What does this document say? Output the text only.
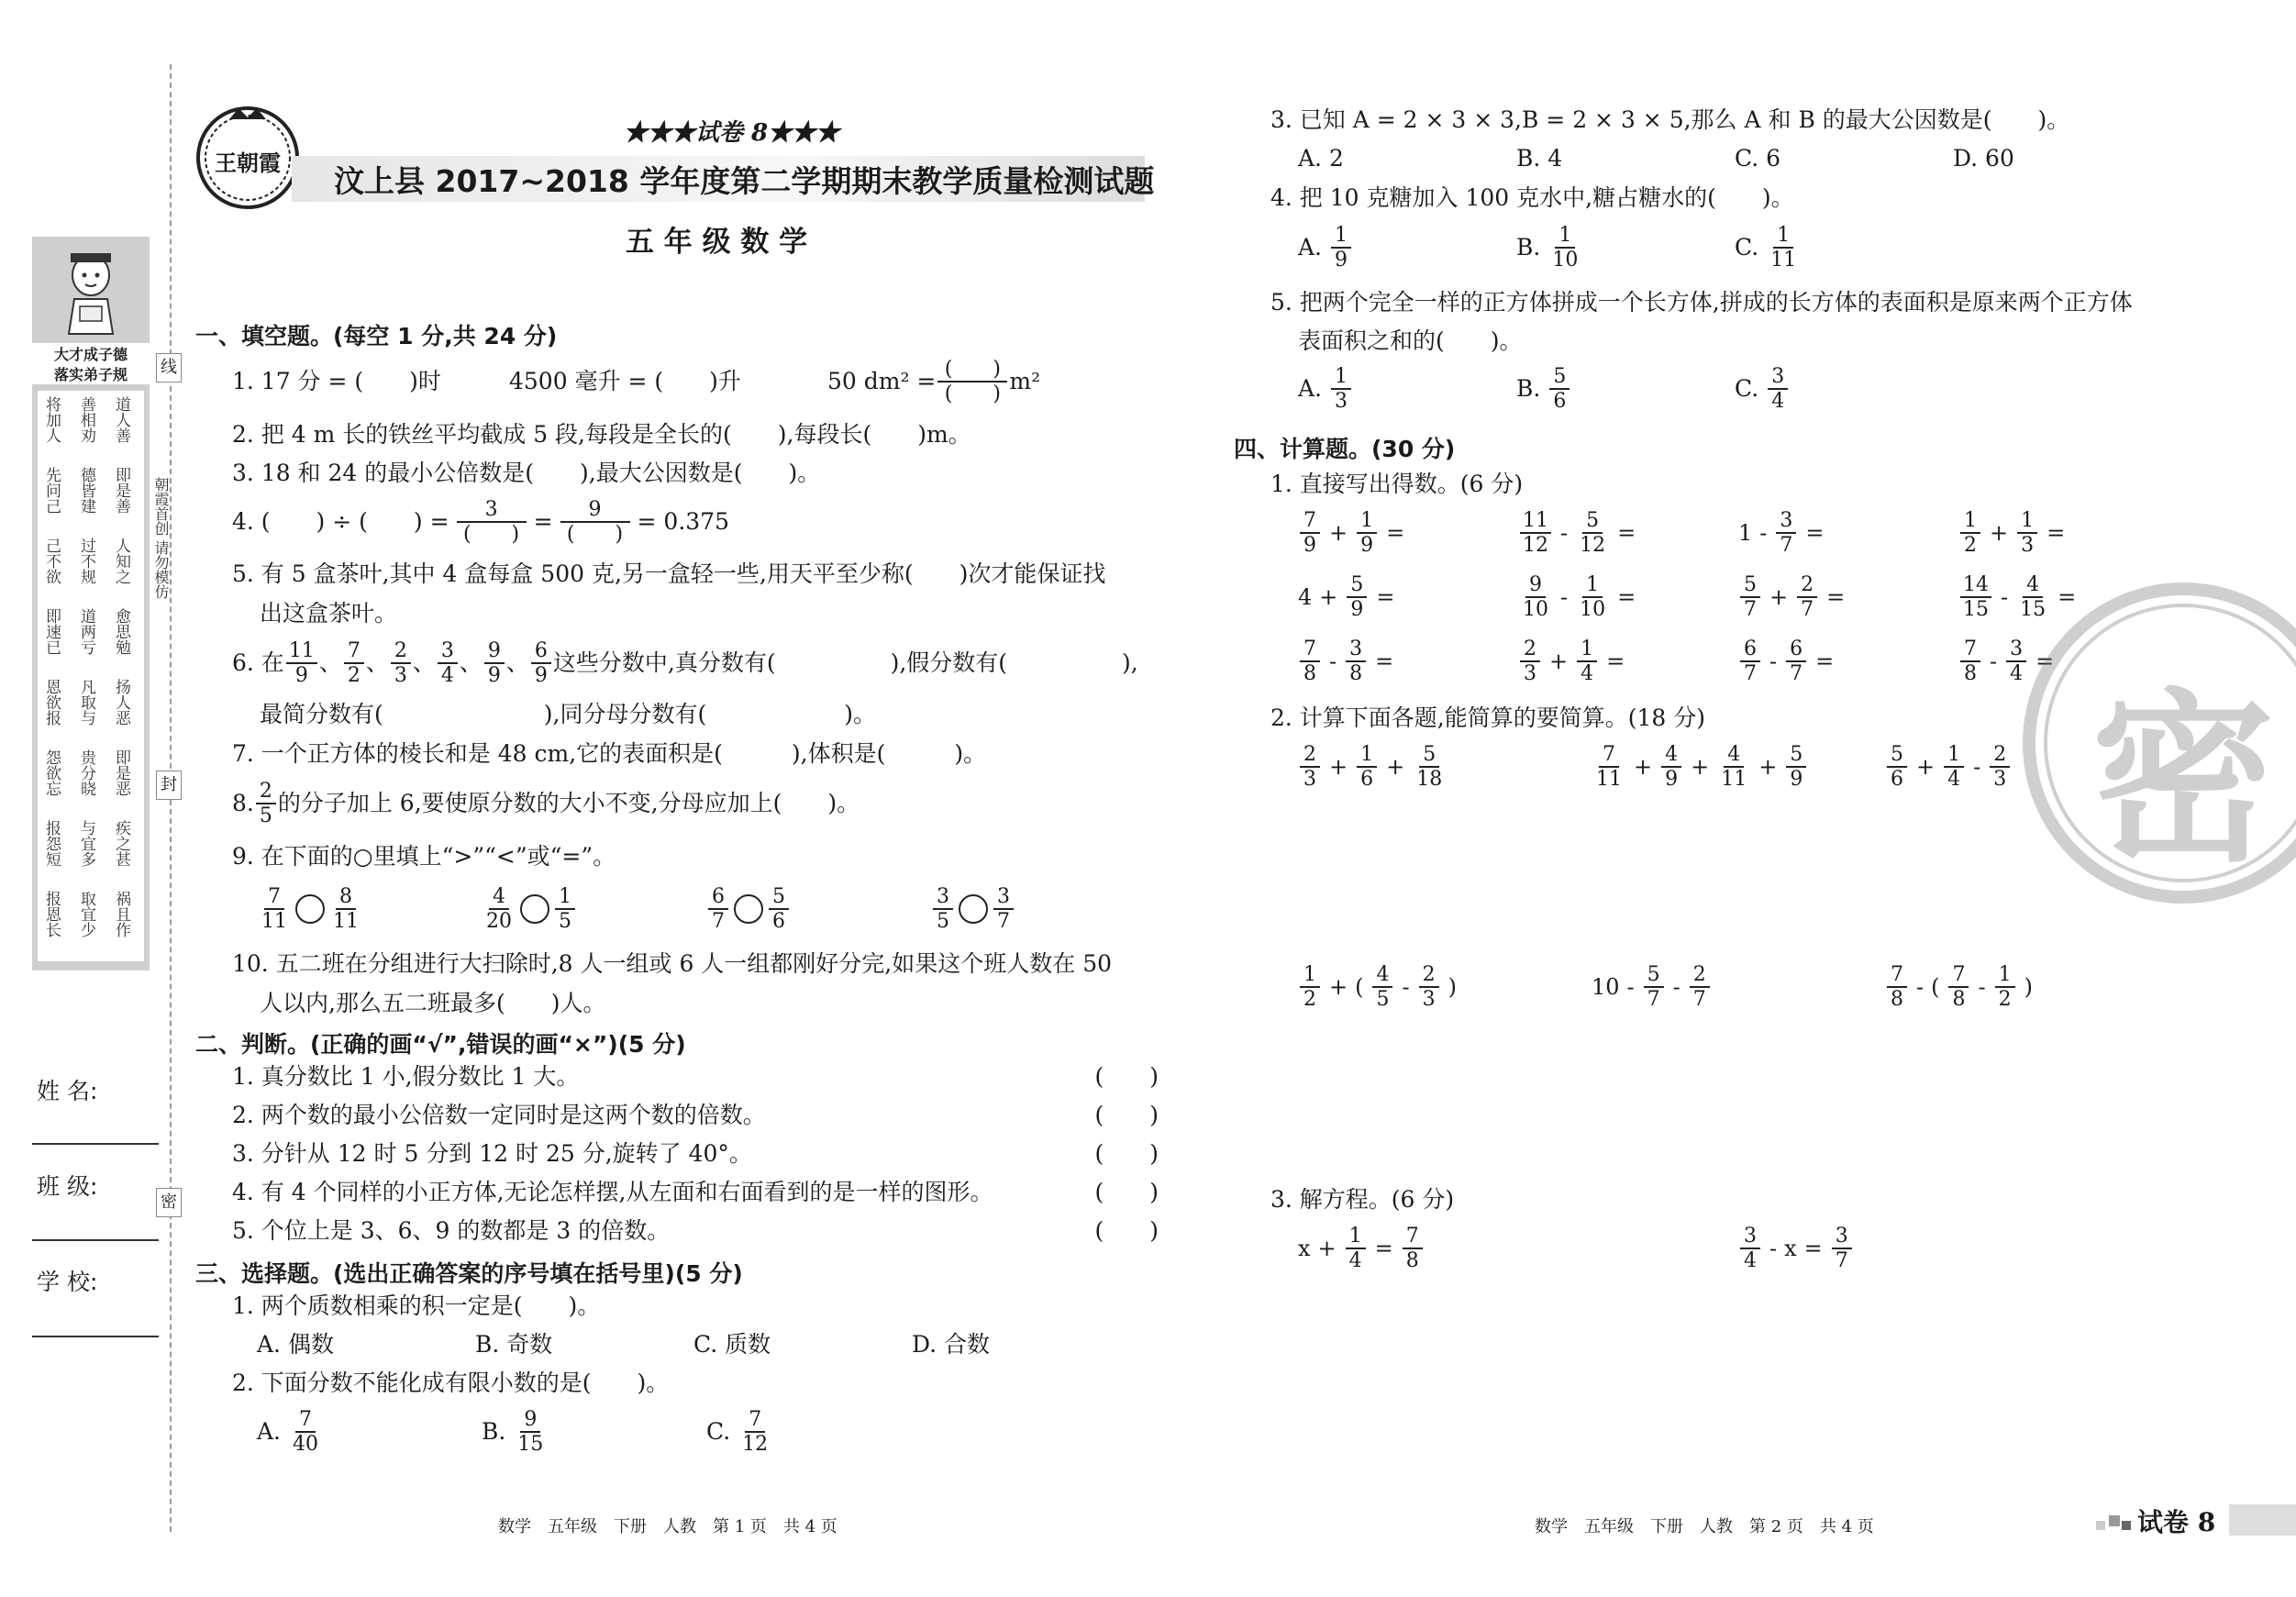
线
封
密
朝霞首创 请勿模仿
大才成子德
落实弟子规
将加人 善相劝 道人善
先问己 德皆建 即是善
己不欲 过不规 人知之
即速已 道两亏 愈思勉
恩欲报 凡取与 扬人恶
怨欲忘 贵分晓 即是恶
报怨短 与宜多 疾之甚
报恩长 取宜少 祸且作
姓 名:
班 级:
学 校:
王朝霞
★★★试卷 8★★★
汶上县 2017~2018 学年度第二学期期末教学质量检测试题
五 年 级 数 学
一、填空题。(每空 1 分,共 24 分)
1. 17 分 = (　　)时	4500 毫升 = (　　)升	50 $dm^2 = \frac{( )}{( )} m^2$
2. 把 4 m 长的铁丝平均截成 5 段,每段是全长的(　　),每段长(　　)m。
3. 18 和 24 的最小公倍数是(　　),最大公因数是(　　)。
4. (　　) ÷ (　　) = $\frac{3}{( )} = \frac{9}{( )} = 0.375$
5. 有 5 盒茶叶,其中 4 盒每盒 500 克,另一盒轻一些,用天平至少称(　　)次才能保证找
出这盒茶叶。
6. 在 $\frac{11}{9}$ 、 $\frac{7}{2}$ 、 $\frac{2}{3}$ 、 $\frac{3}{4}$ 、 $\frac{9}{9}$ 、 $\frac{6}{9}$ 这些分数中,真分数有(　　　　　),假分数有(　　　　　),
最简分数有(　　　　　　　),同分母分数有(　　　　　　)。
7. 一个正方体的棱长和是 48 cm,它的表面积是(　　　),体积是(　　　)。
8. $\frac{2}{5}$ 的分子加上 6,要使原分数的大小不变,分母应加上(　　)。
9. 在下面的○里填上“>”“<”或“=”。
$\frac{7}{11} \frac{8}{11}$	$\frac{4}{20} \frac{1}{5}$	$\frac{6}{7} \frac{5}{6}$	$\frac{3}{5} \frac{3}{7}$
10. 五二班在分组进行大扫除时,8 人一组或 6 人一组都刚好分完,如果这个班人数在 50
人以内,那么五二班最多(　　)人。
二、判断。(正确的画“√”,错误的画“×”)(5 分)
1. 真分数比 1 小,假分数比 1 大。	(　　)
2. 两个数的最小公倍数一定同时是这两个数的倍数。	(　　)
3. 分针从 12 时 5 分到 12 时 25 分,旋转了 40°。	(　　)
4. 有 4 个同样的小正方体,无论怎样摆,从左面和右面看到的是一样的图形。	(　　)
5. 个位上是 3、6、9 的数都是 3 的倍数。	(　　)
三、选择题。(选出正确答案的序号填在括号里)(5 分)
1. 两个质数相乘的积一定是(　　)。
A. 偶数	B. 奇数	C. 质数	D. 合数
2. 下面分数不能化成有限小数的是(　　)。
A. $\frac{7}{40}$	B. $\frac{9}{15}$	C. $\frac{7}{12}$
数学　五年级　下册　人教　第 1 页　共 4 页
3. 已知 A = 2 × 3 × 3,B = 2 × 3 × 5,那么 A 和 B 的最大公因数是(　　)。
A. 2	B. 4	C. 6	D. 60
4. 把 10 克糖加入 100 克水中,糖占糖水的(　　)。
A. $\frac{1}{9}$	B. $\frac{1}{10}$	C. $\frac{1}{11}$
5. 把两个完全一样的正方体拼成一个长方体,拼成的长方体的表面积是原来两个正方体
表面积之和的(　　)。
A. $\frac{1}{3}$	B. $\frac{5}{6}$	C. $\frac{3}{4}$
四、计算题。(30 分)
1. 直接写出得数。(6 分)
$\frac{7}{9} + \frac{1}{9}$ =	$\frac{11}{12} - \frac{5}{12}$ =	$1 - \frac{3}{7}$ =	$\frac{1}{2} + \frac{1}{3}$ =
$4 + \frac{5}{9}$ =	$\frac{9}{10} - \frac{1}{10}$ =	$\frac{5}{7} + \frac{2}{7}$ =	$\frac{14}{15} - \frac{4}{15}$ =
$\frac{7}{8} - \frac{3}{8}$ =	$\frac{2}{3} + \frac{1}{4}$ =	$\frac{6}{7} - \frac{6}{7}$ =	$\frac{7}{8} - \frac{3}{4}$ =
2. 计算下面各题,能简算的要简算。(18 分)
$\frac{2}{3} + \frac{1}{6} + \frac{5}{18}$	$\frac{7}{11} + \frac{4}{9} + \frac{4}{11} + \frac{5}{9}$	$\frac{5}{6} + \frac{1}{4} - \frac{2}{3}$
$\frac{1}{2}$ + ( $\frac{4}{5} - \frac{2}{3}$ )	$10 - \frac{5}{7} - \frac{2}{7}$	$\frac{7}{8}$ - ( $\frac{7}{8} - \frac{1}{2}$ )
3. 解方程。(6 分)
$x + \frac{1}{4} = \frac{7}{8}$	$\frac{3}{4} - x = \frac{3}{7}$
密
数学　五年级　下册　人教　第 2 页　共 4 页	试卷 8
